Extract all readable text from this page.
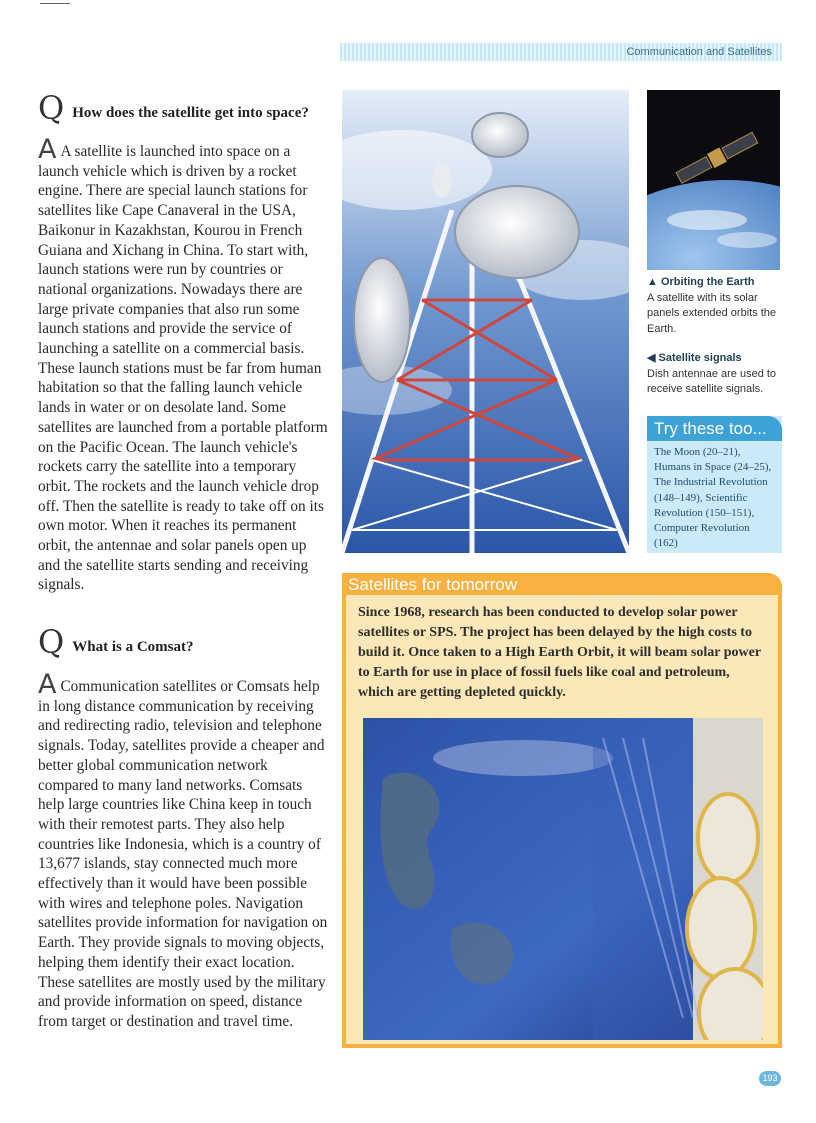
Communication and Satellites
Q How does the satellite get into space?
A A satellite is launched into space on a launch vehicle which is driven by a rocket engine. There are special launch stations for satellites like Cape Canaveral in the USA, Baikonur in Kazakhstan, Kourou in French Guiana and Xichang in China. To start with, launch stations were run by countries or national organizations. Nowadays there are large private companies that also run some launch stations and provide the service of launching a satellite on a commercial basis. These launch stations must be far from human habitation so that the falling launch vehicle lands in water or on desolate land. Some satellites are launched from a portable platform on the Pacific Ocean. The launch vehicle's rockets carry the satellite into a temporary orbit. The rockets and the launch vehicle drop off. Then the satellite is ready to take off on its own motor. When it reaches its permanent orbit, the antennae and solar panels open up and the satellite starts sending and receiving signals.
Q What is a Comsat?
A Communication satellites or Comsats help in long distance communication by receiving and redirecting radio, television and telephone signals. Today, satellites provide a cheaper and better global communication network compared to many land networks. Comsats help large countries like China keep in touch with their remotest parts. They also help countries like Indonesia, which is a country of 13,677 islands, stay connected much more effectively than it would have been possible with wires and telephone poles. Navigation satellites provide information for navigation on Earth. They provide signals to moving objects, helping them identify their exact location. These satellites are mostly used by the military and provide information on speed, distance from target or destination and travel time.
▲ Orbiting the Earth
A satellite with its solar panels extended orbits the Earth.
◀ Satellite signals
Dish antennae are used to receive satellite signals.
Try these too...
The Moon (20–21), Humans in Space (24–25), The Industrial Revolution (148–149), Scientific Revolution (150–151), Computer Revolution (162)
Satellites for tomorrow
Since 1968, research has been conducted to develop solar power satellites or SPS. The project has been delayed by the high costs to build it. Once taken to a High Earth Orbit, it will beam solar power to Earth for use in place of fossil fuels like coal and petroleum, which are getting depleted quickly.
193
